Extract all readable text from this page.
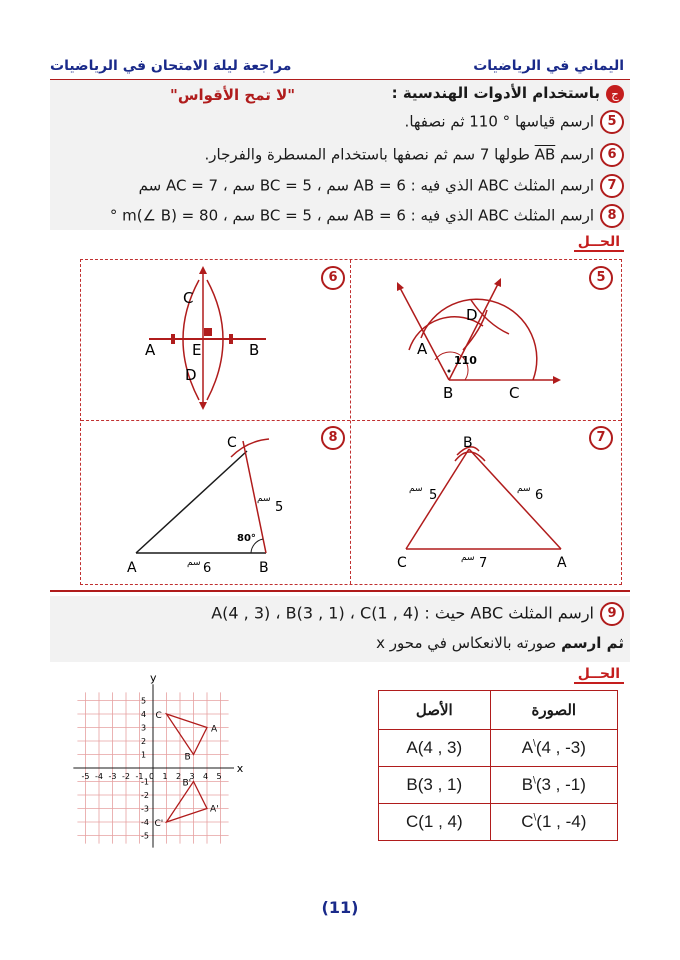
اليماني في الرياضيات
مراجعة ليلة الامتحان في الرياضيات
جباستخدام الأدوات الهندسية :
"لا تمح الأقواس"
5ارسم قياسها ° 110 ثم نصفها.
6ارسم $\overline{AB}$ طولها 7 سم ثم نصفها باستخدام المسطرة والفرجار.
7ارسم المثلث ABC الذي فيه : AB = 6 سم ، BC = 5 سم ، AC = 7 سم
8ارسم المثلث ABC الذي فيه : AB = 6 سم ، BC = 5 سم ، m(∠ B) = 80 °
الحــل
6
A	B
C
D
E
5
110
A
B	C
D
8
80°
A	B
C
6
سم
5
سم
7
C	A
B
7
سم
5
سم	6
سم
9ارسم المثلث ABC حيث : A(4 , 3) ، B(3 , 1) ، C(1 , 4)
ثم ارسم صورته بالانعكاس في محور x
الحــل
x
y
-5 -4 -3 -2 -1 0 1 2 3 4 5
5
4
3
2
1
-1
-2
-3
-4
-5
A
B
C
A'
B'
C'
الأصل	الصورة
A(4 , 3)	A\(4 , -3)
B(3 , 1)	B\(3 , -1)
C(1 , 4)	C\(1 , -4)
(11)
